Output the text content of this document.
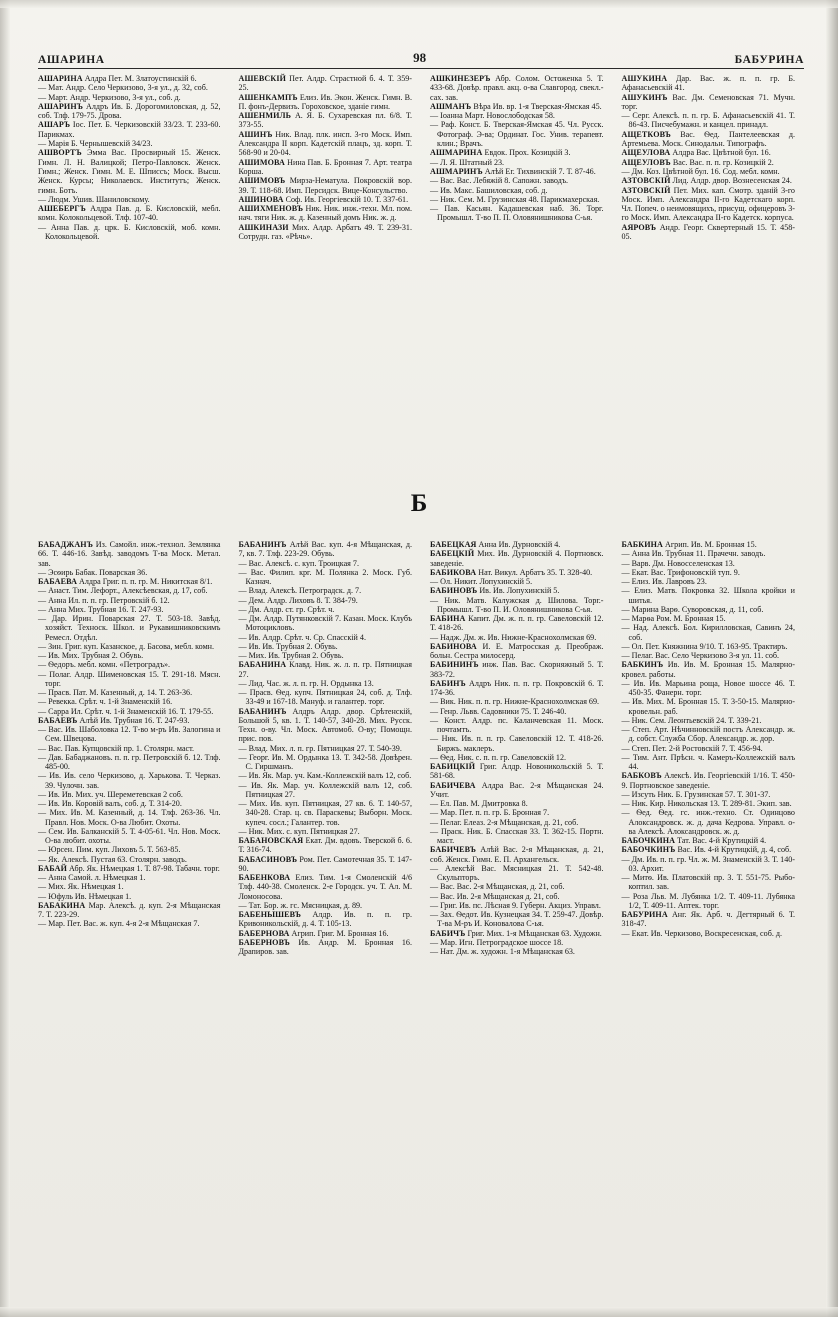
АШАРИНА	98	БАБУРИНА

АШАРИНА Алдра Пет. М. Златоустинскій 6.

— Мат. Андр. Село Черкизово, 3-я ул., д. 32, соб.

— Март. Андр. Черкизово, 3-я ул., соб. д.

АШАРИНЪ Алдръ Ив. Б. Дорогомиловская, д. 52, соб. Тлф. 179-75. Дрова.

АШАРЪ Іос. Пет. Б. Черкизовскій 33/23. Т. 233-60. Парикмах.

— Марія Б. Чернышевскій 34/23.

АШВОРТЪ Эмма Вас. Просвирный 15. Женск. Гимн. Л. Н. Валицкой; Петро-Павловск. Женск. Гимн.; Женск. Гимн. М. Е. Шписсъ; Моск. Высш. Женск. Курсы; Николаевск. Институтъ; Женск. гимн. Ботъ.

— Людм. Ушив. Шаниловскому.

АШЕБЕРГЪ Алдра Пав. д. Б. Кисловскій, мебл. комн. Колокольцевой. Тлф. 107-40.

— Анна Пав. д. црк. Б. Кисловскій, моб. комн. Колокольцевой.

АШЕВСКІЙ Пет. Алдр. Страстной б. 4. Т. 359-25.

АШЕНКАМПЪ Елиз. Ив. Экон. Женск. Гимн. В. П. фонъ-Дервизъ. Гороховское, зданіе гимн.

АШЕНМИЛЬ А. Я. Б. Сухаревская пл. 6/8. Т. 373-55.

АШИНЪ Ник. Влад. плк. инсп. 3-го Моск. Имп. Александра ІІ корп. Кадетскій плацъ, зд. корп. Т. 568-90 и 20-04.

АШИМОВА Нина Пав. Б. Бронная 7. Арт. театра Корша.

АШИМОВЪ Мирза-Нематула. Покровскій вор. 39. Т. 118-68. Имп. Персидск. Вице-Консульство.

АШИНОВА Соф. Ив. Георгіевскій 10. Т. 337-61.

АШИХМЕНОВЪ Ник. Ник. инж.-техн. Мл. пом. нач. тяги Ник. ж. д. Казенный домъ Ник. ж. д.

АШКИНАЗИ Мих. Алдр. Арбатъ 49. Т. 239-31. Сотрудн. газ. «Рѣчь».

АШКИНЕЗЕРЪ Абр. Солом. Остоженка 5. Т. 433-68. Довѣр. правл. акц. о-ва Славгород. свекл.-сах. зав.

АШМАНЪ Вѣра Ив. вр. 1-я Тверская-Ямская 45.

— Іоанна Март. Новослободская 58.

— Раф. Конст. Б. Тверская-Ямская 45. Чл. Русск. Фотограф. Э-ва; Ординат. Гос. Унив. терапевт. клин.; Врачъ.

АШМАРИНА Евдок. Прох. Козицкій 3.

— Л. Я. Штатный 23.

АШМАРИНЪ Алѣй Ег. Тихвинскій 7. Т. 87-46.

— Вас. Вас. Лебяжій 8. Сапожн. заводъ.

— Ив. Макс. Башиловская, соб. д.

— Ник. Сем. М. Грузинская 48. Парикмахерская.

— Пав. Касьян. Кадашевская наб. 36. Торг. Промышл. Т-во П. П. Оловянишникова С-ья.

АШУКИНА Дар. Вас. ж. п. п. гр. Б. Афанасьевскій 41.

АШУКИНЪ Вас. Дм. Семеновская 71. Мучн. торг.

— Серг. Алексѣ. п. п. гр. Б. Афанасьевскій 41. Т. 86-43. Писчебумажн. и канцел. принадл.

АЩЕТКОВЪ Вас. Ѳед. Пантелеевская д. Артемьева. Моск. Синодальн. Типографъ.

АЩЕУЛОВА Алдра Вас. Цвѣтной бул. 16.

АЩЕУЛОВЪ Вас. Вас. п. п. гр. Козицкій 2.

— Дм. Коз. Цвѣтной бул. 16. Сод. мебл. комн.

АЗТОВСКІЙ Лид. Алдр. двор. Вознесенская 24.

АЗТОВСКІЙ Пет. Мих. кап. Смотр. зданій 3-го Моск. Имп. Александра ІІ-го Кадетскаго корп. Чл. Попеч. о неимовящихъ, присущ. офицеровъ 3-го Моск. Имп. Александра ІІ-го Кадетск. корпуса.

АЯРОВЪ Андр. Георг. Сквертерный 15. Т. 458-05.

Б

БАБАДЖАНЪ Из. Самойл. инж.-технол. Землянка 66. Т. 446-16. Завѣд. заводомъ Т-ва Моск. Метал. зав.

— Эсѳирь Бабак. Поварская 36.

БАБАЕВА Алдра Григ. п. п. гр. М. Никитская 8/1.

— Анаст. Тим. Лефорт., Алексѣевская, д. 17, соб.

— Анна Ил. п. п. гр. Петровскій б. 12.

— Анна Мих. Трубная 16. Т. 247-93.

— Дар. Ирин. Поварская 27. Т. 503-18. Завѣд. хозяйст. Техноск. Школ. и Рукавишниковскимъ Ремесл. Отдѣл.

— Зин. Григ. куп. Казанское, д. Басова, мебл. комн.

— Ив. Мих. Трубная 2. Обувь.

— Ѳедоръ. мебл. комн. «Петроградъ».

— Полаг. Алдр. Шименовская 15. Т. 291-18. Мясн. торг.

— Прасв. Пат. М. Казенный, д. 14. Т. 263-36.

— Ревекка. Срѣт. ч. 1-й Знаменскій 16.

— Сарра Ил. Срѣт. ч. 1-й Знаменскій 16. Т. 179-55.

БАБАЕВЪ Алѣй Ив. Трубная 16. Т. 247-93.

— Вас. Ив. Шаболовка 12. Т-во м-ръ Ив. Залогина и Сем. Швецова.

— Вас. Пав. Купцовскій пр. 1. Столярн. маст.

— Дав. Бабаджановъ. п. п. гр. Петровскій б. 12. Тлф. 485-00.

— Ив. Ив. село Черкизово, д. Харькова. Т. Черказ. 39. Чулочн. зав.

— Ив. Ив. Мих. уч. Шереметевская 2 соб.

— Ив. Ив. Коровій валъ, соб. д. Т. 314-20.

— Мих. Ив. М. Казенный, д. 14. Тлф. 263-36. Чл. Правл. Нов. Моск. О-ва Любит. Охоты.

— Сем. Ив. Балканскій 5. Т. 4-05-61. Чл. Нов. Моск. О-ва любит. охоты.

— Юрсен. Пим. куп. Лиховъ 5. Т. 563-85.

— Як. Алексѣ. Пустая 63. Столярн. заводъ.

БАБАЙ Абр. Як. Нѣмецкая 1. Т. 87-98. Табачн. торг.

— Анна Самой. л. Нѣмецкая 1.

— Мих. Як. Нѣмецкая 1.

— Юфуль Ив. Нѣмецкая 1.

БАБАКИНА Мар. Алексѣ. д. куп. 2-я Мѣщанская 7. Т. 223-29.

— Мар. Пет. Вас. ж. куп. 4-я 2-я Мѣщанская 7.

БАБАНИНЪ Алѣй Вас. куп. 4-я Мѣщанская, д. 7, кв. 7. Тлф. 223-29. Обувь.

— Вас. Алексѣ. с. куп. Троицкая 7.

— Вас. Филип. крг. М. Полянка 2. Моск. Губ. Казнач.

— Влад. Алексѣ. Петроградск. д. 7.

— Дем. Алдр. Лиховъ 8. Т. 384-79.

— Дм. Алдр. ст. гр. Срѣт. ч.

— Дм. Алдр. Путянковскій 7. Казан. Моск. Клубъ Мотоцикловъ.

— Ив. Алдр. Срѣт. ч. Ср. Спасскій 4.

— Ив. Ив. Трубная 2. Обувь.

— Мих. Ив. Трубная 2. Обувь.

БАБАНИНА Клавд. Ник. ж. л. п. гр. Пятницкая 27.

— Лид. Час. ж. л. п. гр. Н. Ордынка 13.

— Прасв. Ѳед. купч. Пятницкая 24, соб. д. Тлф. 33-49 и 167-18. Мануф. и галантер. торг.

БАБАНИНЪ Алдръ Алдр. двор. Срѣтенскій, Большой 5, кв. 1. Т. 140-57, 340-28. Мих. Русск. Техн. о-ву. Чл. Моск. Автомоб. О-ву; Помощн. прис. пов.

— Влад. Мих. л. п. гр. Пятницкая 27. Т. 540-39.

— Георг. Ив. М. Ордынка 13. Т. 342-58. Довѣрен. С. Гиршманъ.

— Ив. Як. Мар. уч. Кам.-Коллежскій валъ 12, соб.

— Ив. Як. Мар. уч. Коллежскій валъ 12, соб. Пятницкая 27.

— Мих. Ив. куп. Пятницкая, 27 кв. 6. Т. 140-57, 340-28. Стар. ц. св. Параскевы; Выборн. Моск. купеч. сосл.; Галантер. тов.

— Ник. Мих. с. куп. Пятницкая 27.

БАБАНОВСКАЯ Екат. Дм. вдовъ. Тверской б. 6. Т. 316-74.

БАБАСИНОВЪ Ром. Пет. Самотечная 35. Т. 147-90.

БАБЕНКОВА Елиз. Тим. 1-я Смоленскій 4/6 Тлф. 440-38. Смоленск. 2-е Городск. уч. Т. Ал. М. Ломоносова.

— Тат. Бор. ж. гс. Мясницкая, д. 89.

БАБЕНЫШЕВЪ Алдр. Ив. п. п. гр. Кривоникольскій, д. 4. Т. 105-13.

БАБЕРНОВА Агрип. Григ. М. Бронная 16.

БАБЕРНОВЪ Ив. Андр. М. Бронная 16. Драпиров. зав.

БАБЕЦКАЯ Анна Ив. Дурновскій 4.

БАБЕЦКІЙ Мих. Ив. Дурновскій 4. Портновск. заведеніе.

БАБИКОВА Нат. Викул. Арбатъ 35. Т. 328-40.

— Ол. Никит. Лопухинскій 5.

БАБИНОВЪ Ив. Ив. Лопухинскій 5.

— Ник. Матв. Калужская д. Шилова. Торг.-Промышл. Т-во П. И. Оловянишникова С-ья.

БАБИНА Капит. Дм. ж. п. п. гр. Савеловскій 12. Т. 418-26.

— Надж. Дм. ж. Ив. Нижне-Краснохолмская 69.

БАБИНОВА И. Е. Матросская д. Преображ. больн. Сестра милосерд.

БАБИНИНЪ инж. Пав. Вас. Скорняжный 5. Т. 383-72.

БАБИНЪ Алдръ Ник. п. п. гр. Покровскій 6. Т. 174-36.

— Вик. Ник. п. п. гр. Нижне-Краснохолмская 69.

— Генр. Львв. Садовники 75. Т. 246-40.

— Конст. Алдр. пс. Каланчевская 11. Моск. почтамтъ.

— Ник. Ив. п. п. гр. Савеловскій 12. Т. 418-26. Биржъ. маклеръ.

— Ѳед. Ник. с. п. п. гр. Савеловскій 12.

БАБИЦКІЙ Григ. Алдр. Новоникольскій 5. Т. 581-68.

БАБИЧЕВА Алдра Вас. 2-я Мѣщанская 24. Учит.

— Ел. Пав. М. Дмитровка 8.

— Мар. Пет. п. п. гр. Б. Бронная 7.

— Пелаг. Елеаз. 2-я Мѣщанская, д. 21, соб.

— Праск. Ник. Б. Спасская 33. Т. 362-15. Портн. маст.

БАБИЧЕВЪ Алѣй Вас. 2-я Мѣщанская, д. 21, соб. Женск. Гимн. Е. П. Архангельск.

— Алексѣй Вас. Мясницкая 21. Т. 542-48. Скульпторъ.

— Вас. Вас. 2-я Мѣщанская, д. 21, соб.

— Вас. Ив. 2-я Мѣщанская д. 21, соб.

— Григ. Ив. пс. Лѣсная 9. Губерн. Акциз. Управл.

— Зах. Ѳедот. Ив. Кузнецкая 34. Т. 259-47. Довѣр. Т-ва М-ръ И. Коновалова С-ья.

БАБИЧЪ Григ. Мих. 1-я Мѣщанская 63. Художн.

— Мар. Игн. Петроградское шоссе 18.

— Нат. Дм. ж. художн. 1-я Мѣщанская 63.

БАБКИНА Агрип. Ив. М. Бронная 15.

— Анна Ив. Трубная 11. Прачечн. заводъ.

— Варв. Дм. Новосселенская 13.

— Екат. Вас. Трифоновскій туп. 9.

— Елиз. Ив. Лавровъ 23.

— Елиз. Матв. Покровка 32. Школа кройки и шитья.

— Марина Варѳ. Суворовская, д. 11, соб.

— Марѳа Ром. М. Бронная 15.

— Над. Алексѣ. Бол. Кирилловская, Савинъ 24, соб.

— Ол. Пет. Княжнина 9/10. Т. 163-95. Трактиръ.

— Пелаг. Вас. Село Черкизово 3-я ул. 11. соб.

БАБКИНЪ Ив. Ив. М. Бронная 15. Малярно-кровел. работы.

— Ив. Ив. Марьина роща, Новое шоссе 46. Т. 450-35. Фанерн. торг.

— Ив. Мих. М. Бронная 15. Т. 3-50-15. Малярно-кровельн. раб.

— Ник. Сем. Леонтьевскій 24. Т. 339-21.

— Степ. Арт. Нѣчинновскій постъ Александр. ж. д. собст. Служба Сбор. Александр. ж. дор.

— Степ. Пет. 2-й Ростовскій 7. Т. 456-94.

— Тим. Ант. Прѣсн. ч. Камеръ-Коллежскій валъ 44.

БАБКОВЪ Алексѣ. Ив. Георгіевскій 1/16. Т. 450-9. Портновское заведеніе.

— Изсуть Ник. Б. Грузинская 57. Т. 301-37.

— Ник. Кир. Никольская 13. Т. 289-81. Экип. зав.

— Ѳед. Ѳед. гс. инж.-техно. Ст. Одинцово Алоксандровск. ж. д. дача Кедрова. Управл. о-ва Алексѣ. Алоксандровск. ж. д.

БАБОЧКИНА Тат. Вас. 4-й Крутицкій 4.

БАБОЧКИНЪ Вас. Ив. 4-й Крутицкій, д. 4, соб.

— Дм. Ив. п. п. гр. Чл. ж. М. Знаменскій 3. Т. 140-03. Архит.

— Митѳ. Ив. Платовскій пр. 3. Т. 551-75. Рыбо-коптил. зав.

— Роза Льв. М. Лубянка 1/2. Т. 409-11. Лубянка 1/2, Т. 409-11. Аптек. торг.

БАБУРИНА Анг. Як. Арб. ч. Дегтярный 6. Т. 318-47.

— Екат. Ив. Черкизово, Воскресенская, соб. д.
